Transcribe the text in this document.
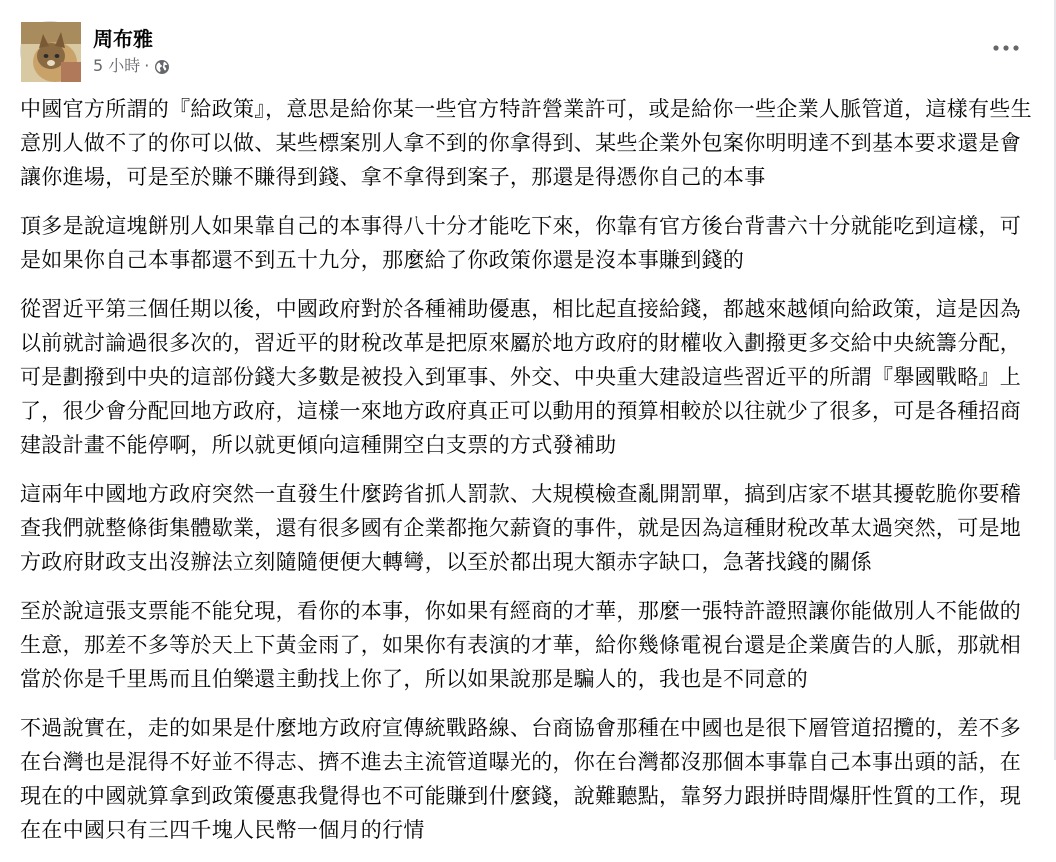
周布雅
5 小時 ·

中國官方所謂的『給政策』，意思是給你某一些官方特許營業許可，或是給你一些企業人脈管道，這樣有些生意別人做不了的你可以做、某些標案別人拿不到的你拿得到、某些企業外包案你明明達不到基本要求還是會讓你進場，可是至於賺不賺得到錢、拿不拿得到案子，那還是得憑你自己的本事

頂多是說這塊餅別人如果靠自己的本事得八十分才能吃下來，你靠有官方後台背書六十分就能吃到這樣，可是如果你自己本事都還不到五十九分，那麼給了你政策你還是沒本事賺到錢的

從習近平第三個任期以後，中國政府對於各種補助優惠，相比起直接給錢，都越來越傾向給政策，這是因為以前就討論過很多次的，習近平的財稅改革是把原來屬於地方政府的財權收入劃撥更多交給中央統籌分配，可是劃撥到中央的這部份錢大多數是被投入到軍事、外交、中央重大建設這些習近平的所謂『舉國戰略』上了，很少會分配回地方政府，這樣一來地方政府真正可以動用的預算相較於以往就少了很多，可是各種招商建設計畫不能停啊，所以就更傾向這種開空白支票的方式發補助

這兩年中國地方政府突然一直發生什麼跨省抓人罰款、大規模檢查亂開罰單，搞到店家不堪其擾乾脆你要稽查我們就整條街集體歇業，還有很多國有企業都拖欠薪資的事件，就是因為這種財稅改革太過突然，可是地方政府財政支出沒辦法立刻隨隨便便大轉彎，以至於都出現大額赤字缺口，急著找錢的關係

至於說這張支票能不能兌現，看你的本事，你如果有經商的才華，那麼一張特許證照讓你能做別人不能做的生意，那差不多等於天上下黃金雨了，如果你有表演的才華，給你幾條電視台還是企業廣告的人脈，那就相當於你是千里馬而且伯樂還主動找上你了，所以如果說那是騙人的，我也是不同意的

不過說實在，走的如果是什麼地方政府宣傳統戰路線、台商協會那種在中國也是很下層管道招攬的，差不多在台灣也是混得不好並不得志、擠不進去主流管道曝光的，你在台灣都沒那個本事靠自己本事出頭的話，在現在的中國就算拿到政策優惠我覺得也不可能賺到什麼錢，說難聽點，靠努力跟拼時間爆肝性質的工作，現在在中國只有三四千塊人民幣一個月的行情
